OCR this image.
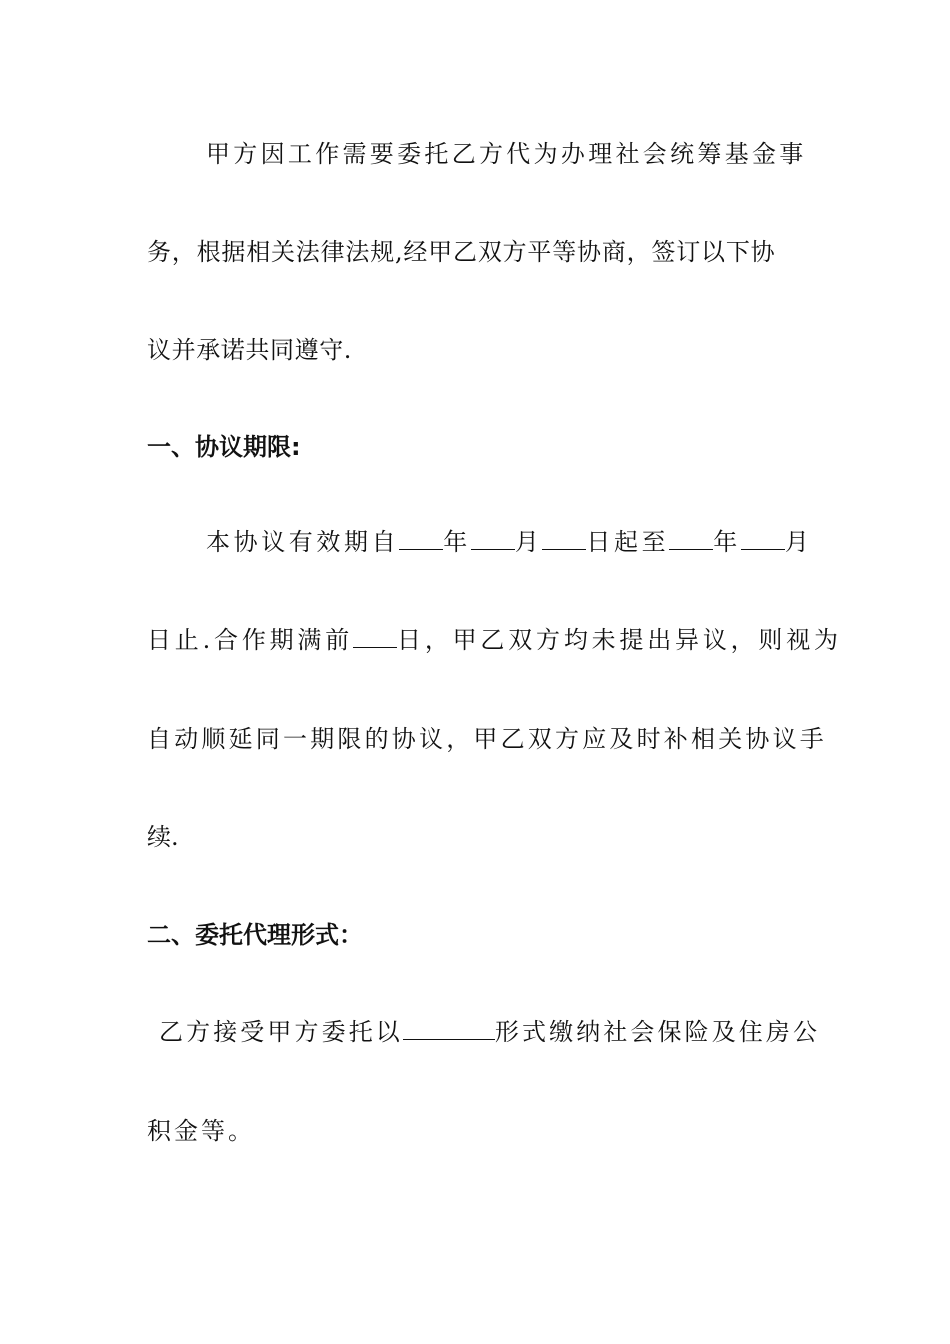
甲方因工作需要委托乙方代为办理社会统筹基金事
务，根据相关法律法规,经甲乙双方平等协商，签订以下协
议并承诺共同遵守.
一、协议期限:
本协议有效期自 年 月 日起至 年 月
日止.合作期满前 日，甲乙双方均未提出异议，则视为
自动顺延同一期限的协议，甲乙双方应及时补相关协议手
续.
二、委托代理形式：
乙方接受甲方委托以	形式缴纳社会保险及住房公
积金等。
